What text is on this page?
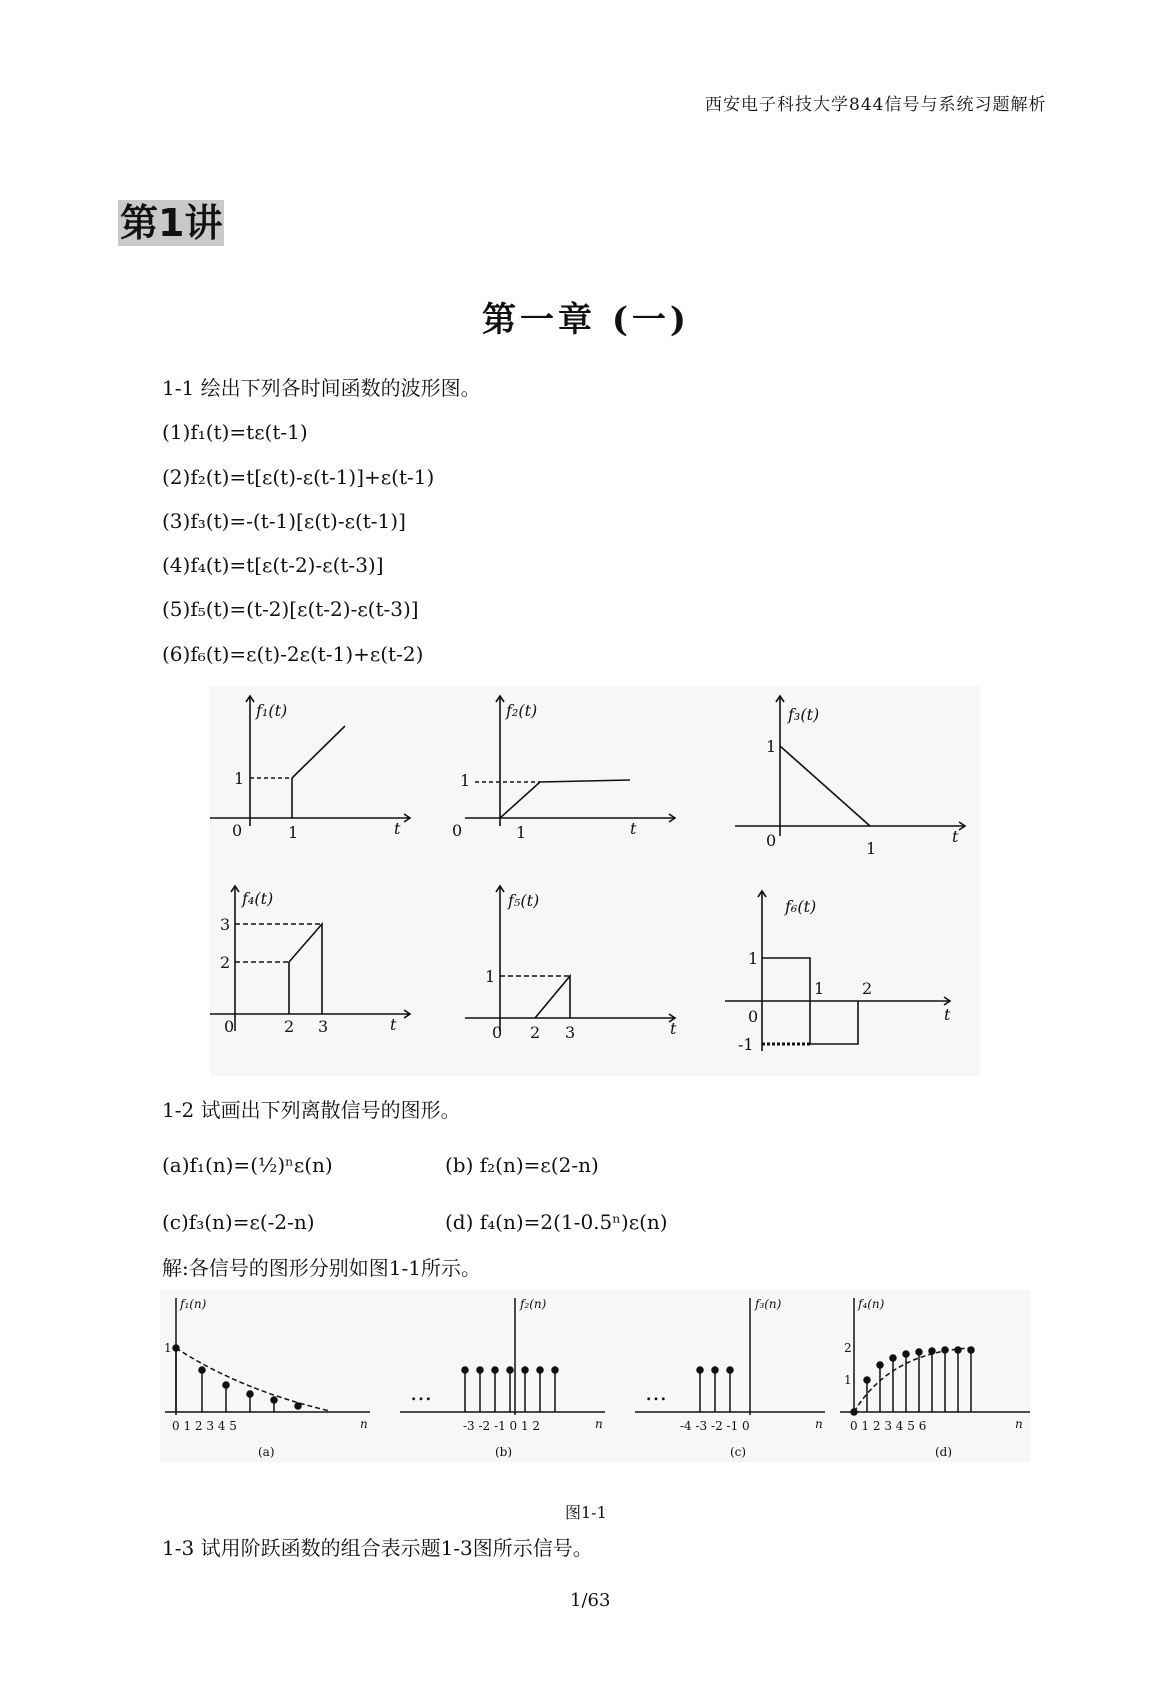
西安电子科技大学844信号与系统习题解析
第1讲
第一章 (一)
1-1 绘出下列各时间函数的波形图。
(1)f₁(t)=tε(t-1)
(2)f₂(t)=t[ε(t)-ε(t-1)]+ε(t-1)
(3)f₃(t)=-(t-1)[ε(t)-ε(t-1)]
(4)f₄(t)=t[ε(t-2)-ε(t-3)]
(5)f₅(t)=(t-2)[ε(t-2)-ε(t-3)]
(6)f₆(t)=ε(t)-2ε(t-1)+ε(t-2)
f₁(t)
0	1
1
t
f₂(t)
0	1
1
t
f₃(t)
0	1
1
t
f₄(t)
0	2 3
2
3
t
f₅(t)
0 2 3
1
t
f₆(t)
0
1 2
1
-1
t
1-2 试画出下列离散信号的图形。
(a)f₁(n)=(½)ⁿε(n)	(b) f₂(n)=ε(2-n)
(c)f₃(n)=ε(-2-n)	(d) f₄(n)=2(1-0.5ⁿ)ε(n)
解:各信号的图形分别如图1-1所示。
f₁(n)
1
0 1 2 3 4 5	n
(a)
f₂(n)
…
-3 -2 -1 0 1 2	n
(b)
f₃(n)
…
-4 -3 -2 -1 0	n
(c)
f₄(n)
1
2
0 1 2 3 4 5 6	n
(d)
图1-1
1-3 试用阶跃函数的组合表示题1-3图所示信号。
1/63
